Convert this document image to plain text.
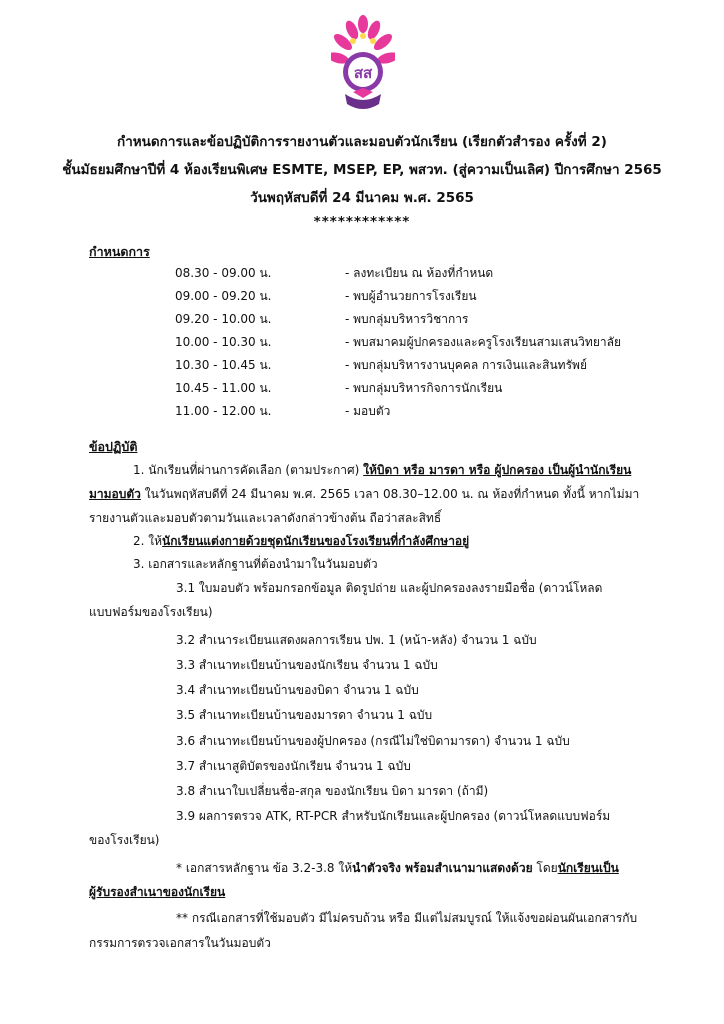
สส
กำหนดการและข้อปฏิบัติการรายงานตัวและมอบตัวนักเรียน (เรียกตัวสำรอง ครั้งที่ 2)
ชั้นมัธยมศึกษาปีที่ 4 ห้องเรียนพิเศษ ESMTE, MSEP, EP, พสวท. (สู่ความเป็นเลิศ) ปีการศึกษา 2565
วันพฤหัสบดีที่ 24 มีนาคม พ.ศ. 2565
************
กำหนดการ
08.30 - 09.00 น.	- ลงทะเบียน ณ ห้องที่กำหนด
09.00 - 09.20 น.	- พบผู้อำนวยการโรงเรียน
09.20 - 10.00 น.	- พบกลุ่มบริหารวิชาการ
10.00 - 10.30 น.	- พบสมาคมผู้ปกครองและครูโรงเรียนสามเสนวิทยาลัย
10.30 - 10.45 น.	- พบกลุ่มบริหารงานบุคคล การเงินและสินทรัพย์
10.45 - 11.00 น.	- พบกลุ่มบริหารกิจการนักเรียน
11.00 - 12.00 น.	- มอบตัว
ข้อปฏิบัติ
1. นักเรียนที่ผ่านการคัดเลือก (ตามประกาศ) ให้บิดา หรือ มารดา หรือ ผู้ปกครอง เป็นผู้นำนักเรียน
มามอบตัว ในวันพฤหัสบดีที่ 24 มีนาคม พ.ศ. 2565 เวลา 08.30–12.00 น. ณ ห้องที่กำหนด ทั้งนี้ หากไม่มา
รายงานตัวและมอบตัวตามวันและเวลาดังกล่าวข้างต้น ถือว่าสละสิทธิ์
2. ให้นักเรียนแต่งกายด้วยชุดนักเรียนของโรงเรียนที่กำลังศึกษาอยู่
3. เอกสารและหลักฐานที่ต้องนำมาในวันมอบตัว
3.1 ใบมอบตัว พร้อมกรอกข้อมูล ติดรูปถ่าย และผู้ปกครองลงรายมือชื่อ (ดาวน์โหลด
แบบฟอร์มของโรงเรียน)
3.2 สำเนาระเบียนแสดงผลการเรียน ปพ. 1 (หน้า-หลัง) จำนวน 1 ฉบับ
3.3 สำเนาทะเบียนบ้านของนักเรียน จำนวน 1 ฉบับ
3.4 สำเนาทะเบียนบ้านของบิดา จำนวน 1 ฉบับ
3.5 สำเนาทะเบียนบ้านของมารดา จำนวน 1 ฉบับ
3.6 สำเนาทะเบียนบ้านของผู้ปกครอง (กรณีไม่ใช่บิดามารดา) จำนวน 1 ฉบับ
3.7 สำเนาสูติบัตรของนักเรียน จำนวน 1 ฉบับ
3.8 สำเนาใบเปลี่ยนชื่อ-สกุล ของนักเรียน บิดา มารดา (ถ้ามี)
3.9 ผลการตรวจ ATK, RT-PCR สำหรับนักเรียนและผู้ปกครอง (ดาวน์โหลดแบบฟอร์ม
ของโรงเรียน)
* เอกสารหลักฐาน ข้อ 3.2-3.8 ให้นำตัวจริง พร้อมสำเนามาแสดงด้วย โดยนักเรียนเป็น
ผู้รับรองสำเนาของนักเรียน
** กรณีเอกสารที่ใช้มอบตัว มีไม่ครบถ้วน หรือ มีแต่ไม่สมบูรณ์ ให้แจ้งขอผ่อนผันเอกสารกับ
กรรมการตรวจเอกสารในวันมอบตัว
